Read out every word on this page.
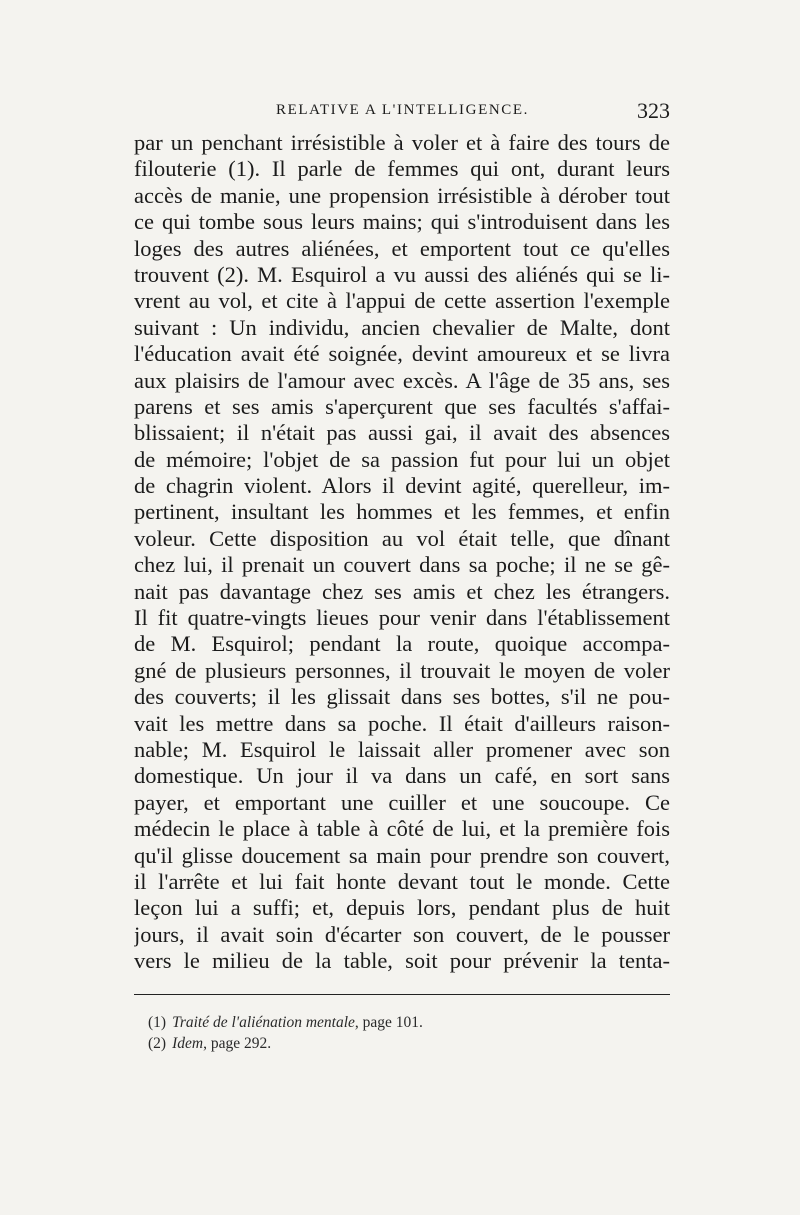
RELATIVE A L'INTELLIGENCE.	323
par un penchant irrésistible à voler et à faire des tours de
filouterie (1). Il parle de femmes qui ont, durant leurs
accès de manie, une propension irrésistible à dérober tout
ce qui tombe sous leurs mains; qui s'introduisent dans les
loges des autres aliénées, et emportent tout ce qu'elles
trouvent (2). M. Esquirol a vu aussi des aliénés qui se li-
vrent au vol, et cite à l'appui de cette assertion l'exemple
suivant : Un individu, ancien chevalier de Malte, dont
l'éducation avait été soignée, devint amoureux et se livra
aux plaisirs de l'amour avec excès. A l'âge de 35 ans, ses
parens et ses amis s'aperçurent que ses facultés s'affai-
blissaient; il n'était pas aussi gai, il avait des absences
de mémoire; l'objet de sa passion fut pour lui un objet
de chagrin violent. Alors il devint agité, querelleur, im-
pertinent, insultant les hommes et les femmes, et enfin
voleur. Cette disposition au vol était telle, que dînant
chez lui, il prenait un couvert dans sa poche; il ne se gê-
nait pas davantage chez ses amis et chez les étrangers.
Il fit quatre-vingts lieues pour venir dans l'établissement
de M. Esquirol; pendant la route, quoique accompa-
gné de plusieurs personnes, il trouvait le moyen de voler
des couverts; il les glissait dans ses bottes, s'il ne pou-
vait les mettre dans sa poche. Il était d'ailleurs raison-
nable; M. Esquirol le laissait aller promener avec son
domestique. Un jour il va dans un café, en sort sans
payer, et emportant une cuiller et une soucoupe. Ce
médecin le place à table à côté de lui, et la première fois
qu'il glisse doucement sa main pour prendre son couvert,
il l'arrête et lui fait honte devant tout le monde. Cette
leçon lui a suffi; et, depuis lors, pendant plus de huit
jours, il avait soin d'écarter son couvert, de le pousser
vers le milieu de la table, soit pour prévenir la tenta-
(1) Traité de l'aliénation mentale, page 101.
(2) Idem, page 292.
